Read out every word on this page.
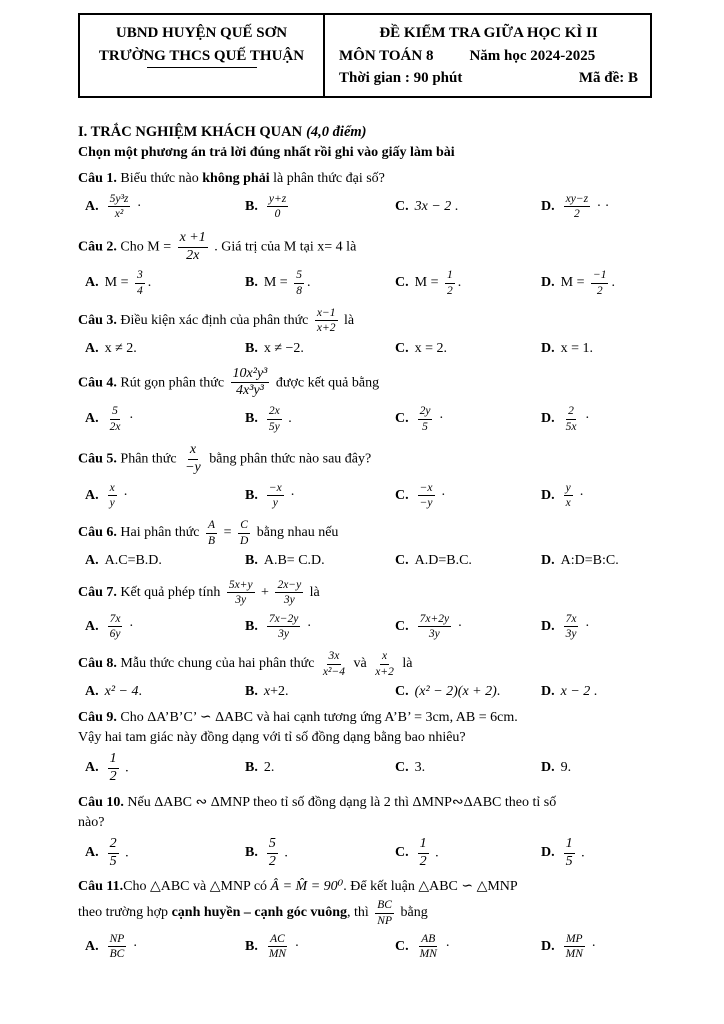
UBND HUYỆN QUẾ SƠN
TRƯỜNG THCS QUẾ THUẬN
ĐỀ KIỂM TRA GIỮA HỌC KÌ II
MÔN TOÁN 8 Năm học 2024-2025
Thời gian : 90 phút	Mã đề: B
I. TRẮC NGHIỆM KHÁCH QUAN (4,0 điểm)
Chọn một phương án trả lời đúng nhất rồi ghi vào giấy làm bài
Câu 1. Biểu thức nào không phải là phân thức đại số?
A. $\frac{\text{5y³z}}{\text{x²}}$ ·	B. $\frac{y+z}{0}$	C. 3x − 2 .	D. $\frac{xy-z}{2}$ · ·
Câu 2. Cho $M = \frac{x +1}{2x}$ . Giá trị của M tại x= 4 là
A. $M = \frac{3}{4}$ .	B. $M = \frac{5}{8}$ .	C. $M = \frac{1}{2}$ .	D. $M = \frac{-1}{2}$ .
Câu 3. Điều kiện xác định của phân thức $\frac{x-1}{x+2}$ là
A. x ≠ 2.	B. x ≠ −2.	C. x = 2.	D. x = 1.
Câu 4. Rút gọn phân thức $\frac{\text{10x²y³}}{\text{4x³y³}}$ được kết quả bằng
A. $\frac{5}{2x}$ ·	B. $\frac{2x}{5y}$ .	C. $\frac{2y}{5}$ ·	D. $\frac{2}{5x}$ ·
Câu 5. Phân thức $\frac{x}{-y}$ bằng phân thức nào sau đây?
A. $\frac{x}{y}$ ·	B. $\frac{-x}{y}$ ·	C. $\frac{-x}{-y}$ ·	D. $\frac{y}{x}$ ·
Câu 6. Hai phân thức $\frac{A}{B} = \frac{C}{D}$ bằng nhau nếu
A. A.C=B.D.	B. A.B= C.D.	C. A.D=B.C.	D. A:D=B:C.
Câu 7. Kết quả phép tính $\frac{5x+y}{3y} + \frac{2x-y}{3y}$ là
A. $\frac{7x}{6y}$ ·	B. $\frac{7x-2y}{3y}$ ·	C. $\frac{7x+2y}{3y}$ ·	D. $\frac{7x}{3y}$ ·
Câu 8. Mẫu thức chung của hai phân thức $\frac{3x}{\text{x²−4}}$ và $\frac{x}{x+2}$ là
A. x² − 4.	B. x+2.	C. (x² − 2)(x + 2).	D. x − 2 .
Câu 9. Cho ΔA’B’C’ ∽ ΔABC và hai cạnh tương ứng A’B’ = 3cm, AB = 6cm.
Vậy hai tam giác này đồng dạng với tỉ số đồng dạng bằng bao nhiêu?
A. $\frac{1}{2}$ .	B. 2.	C. 3.	D. 9.
Câu 10. Nếu ΔABC ∾ ΔMNP theo tỉ số đồng dạng là 2 thì ΔMNP∾ΔABC theo tỉ số
nào?
A. $\frac{2}{5}$ .	B. $\frac{5}{2}$ .	C. $\frac{1}{2}$ .	D. $\frac{1}{5}$ .
Câu 11.Cho △ABC và △MNP có Â = M̂ = 90⁰. Để kết luận △ABC ∽ △MNP
theo trường hợp cạnh huyền – cạnh góc vuông, thì $\frac{BC}{NP}$ bằng
A. $\frac{NP}{BC}$ ·	B. $\frac{AC}{MN}$ ·	C. $\frac{AB}{MN}$ ·	D. $\frac{MP}{MN}$ ·
